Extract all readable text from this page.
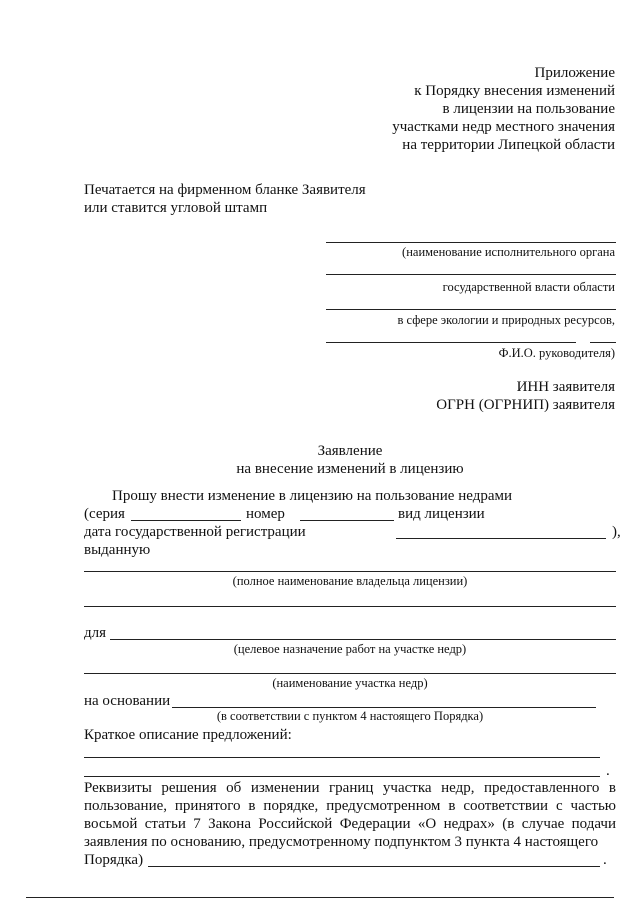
Приложение
к Порядку внесения изменений
в лицензии на пользование
участками недр местного значения
на территории Липецкой области
Печатается на фирменном бланке Заявителя
или ставится угловой штамп
(наименование исполнительного органа
государственной власти области
в сфере экологии и природных ресурсов,
Ф.И.О. руководителя)
ИНН заявителя
ОГРН (ОГРНИП) заявителя
Заявление
на внесение изменений в лицензию
Прошу внести изменение в лицензию на пользование недрами
(серия	номер	вид лицензии
дата государственной регистрации	),
выданную
(полное наименование владельца лицензии)
для
(целевое назначение работ на участке недр)
(наименование участка недр)
на основании
(в соответствии с пунктом 4 настоящего Порядка)
Краткое описание предложений:
.
Реквизиты решения об изменении границ участка недр, предоставленного в пользование, принятого в порядке, предусмотренном в соответствии с частью восьмой статьи 7 Закона Российской Федерации «О недрах» (в случае подачи заявления по основанию, предусмотренному подпунктом 3 пункта 4 настоящего
Порядка)	.
